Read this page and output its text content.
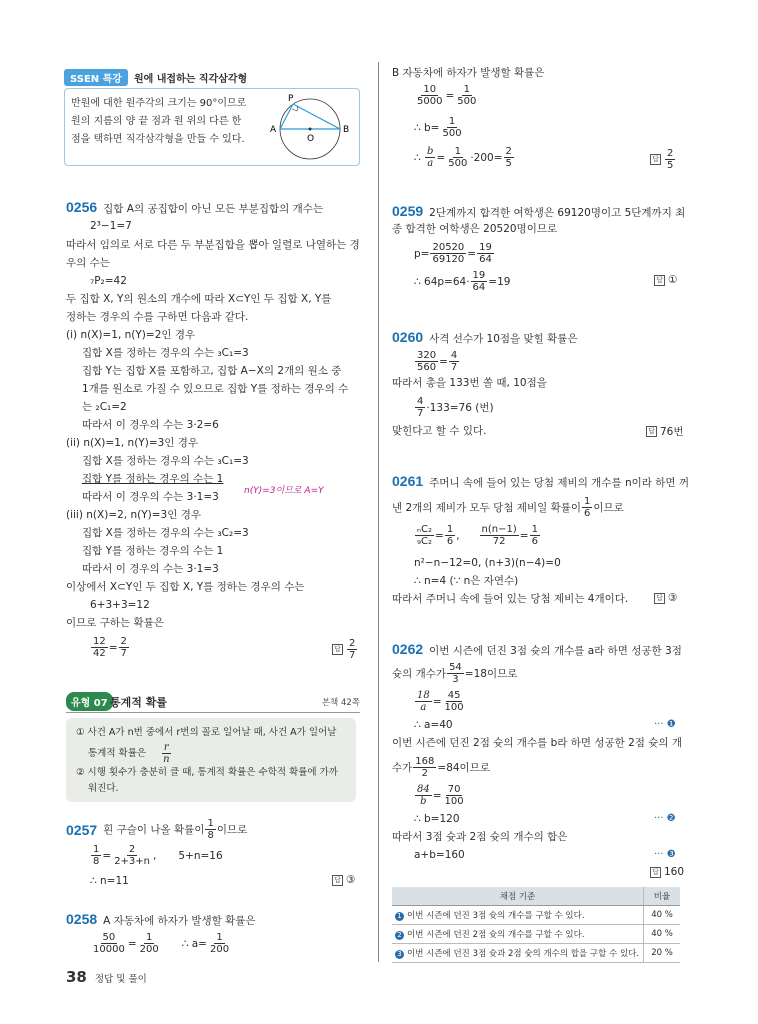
SSEN 특강	원에 내접하는 직각삼각형
반원에 대한 원주각의 크기는 90°이므로
원의 지름의 양 끝 점과 원 위의 다른 한
점을 택하면 직각삼각형을 만들 수 있다.
P
A
O
B
0256 집합 A의 공집합이 아닌 모든 부분집합의 개수는
2³−1=7
따라서 임의로 서로 다른 두 부분집합을 뽑아 일렬로 나열하는 경
우의 수는
₇P₂=42
두 집합 X, Y의 원소의 개수에 따라 X⊂Y인 두 집합 X, Y를
정하는 경우의 수를 구하면 다음과 같다.
(i) n(X)=1, n(Y)=2인 경우
집합 X를 정하는 경우의 수는 ₃C₁=3
집합 Y는 집합 X를 포함하고, 집합 A−X의 2개의 원소 중
1개를 원소로 가질 수 있으므로 집합 Y를 정하는 경우의 수
는 ₂C₁=2
따라서 이 경우의 수는 3·2=6
(ii) n(X)=1, n(Y)=3인 경우
집합 X를 정하는 경우의 수는 ₃C₁=3
집합 Y를 정하는 경우의 수는 1
n(Y)=3이므로 A=Y
따라서 이 경우의 수는 3·1=3
(iii) n(X)=2, n(Y)=3인 경우
집합 X를 정하는 경우의 수는 ₃C₂=3
집합 Y를 정하는 경우의 수는 1
따라서 이 경우의 수는 3·1=3
이상에서 X⊂Y인 두 집합 X, Y를 정하는 경우의 수는
6+3+3=12
이므로 구하는 확률은
$\frac{12}{42} = \frac{2}{7}$	답 $\frac{2}{7}$
유형 07 통계적 확률	본책 42쪽
① 사건 A가 n번 중에서 r번의 꼴로 일어날 때, 사건 A가 일어날
통계적 확률은 $\frac{r}{n}$
② 시행 횟수가 충분히 클 때, 통계적 확률은 수학적 확률에 가까
워진다.
0257 흰 구슬이 나올 확률이 $\frac{1}{8}$ 이므로
$\frac{1}{8} = \frac{2}{2+3+n}$ , 5+n=16
∴ n=11	답 ③
0258 A 자동차에 하자가 발생할 확률은
$\frac{50}{10000} = \frac{1}{200}$ ∴ $a= \frac{1}{200}$
38 정답 및 풀이
B 자동차에 하자가 발생할 확률은
$\frac{10}{5000} = \frac{1}{500}$
∴ $b= \frac{1}{500}$
∴
$\frac{b}{a} = \frac{1}{500} \cdot 200= \frac{2}{5}$	답 $\frac{2}{5}$
0259 2단계까지 합격한 여학생은 69120명이고 5단계까지 최
종 합격한 여학생은 20520명이므로
$p= \frac{20520}{69120} = \frac{19}{64}$
∴ $64p=64\cdot \frac{19}{64} =19$	답 ①
0260 사격 선수가 10점을 맞힐 확률은
$\frac{320}{560} = \frac{4}{7}$
따라서 총을 133번 쏠 때, 10점을
$\frac{4}{7} \cdot 133=76$ (번)
맞힌다고 할 수 있다.	답 76번
0261 주머니 속에 들어 있는 당첨 제비의 개수를 n이라 하면 꺼
낸 2개의 제비가 모두 당첨 제비일 확률이 $\frac{1}{6}$ 이므로
$\frac{\text{ₙC₂}}{\text{₉C₂}} = \frac{1}{6}$ , $\frac{n(n-1)}{72} = \frac{1}{6}$
n²−n−12=0, (n+3)(n−4)=0
∴ n=4 (∵ n은 자연수)
따라서 주머니 속에 들어 있는 당첨 제비는 4개이다.	답 ③
0262 이번 시즌에 던진 3점 슛의 개수를 a라 하면 성공한 3점
슛의 개수가 $\frac{54}{3} =18$이므로
$\frac{18}{a} = \frac{45}{100}$
∴ a=40	··· ❶
이번 시즌에 던진 2점 슛의 개수를 b라 하면 성공한 2점 슛의 개
수가 $\frac{168}{2} =84$이므로
$\frac{84}{b} = \frac{70}{100}$
∴ b=120	··· ❷
따라서 3점 슛과 2점 슛의 개수의 합은
a+b=160	··· ❸
답 160
채점 기준	비율
1 이번 시즌에 던진 3점 슛의 개수를 구할 수 있다.	40 %
2 이번 시즌에 던진 2점 슛의 개수를 구할 수 있다.	40 %
3 이번 시즌에 던진 3점 슛과 2점 슛의 개수의 합을 구할 수 있다.	20 %
